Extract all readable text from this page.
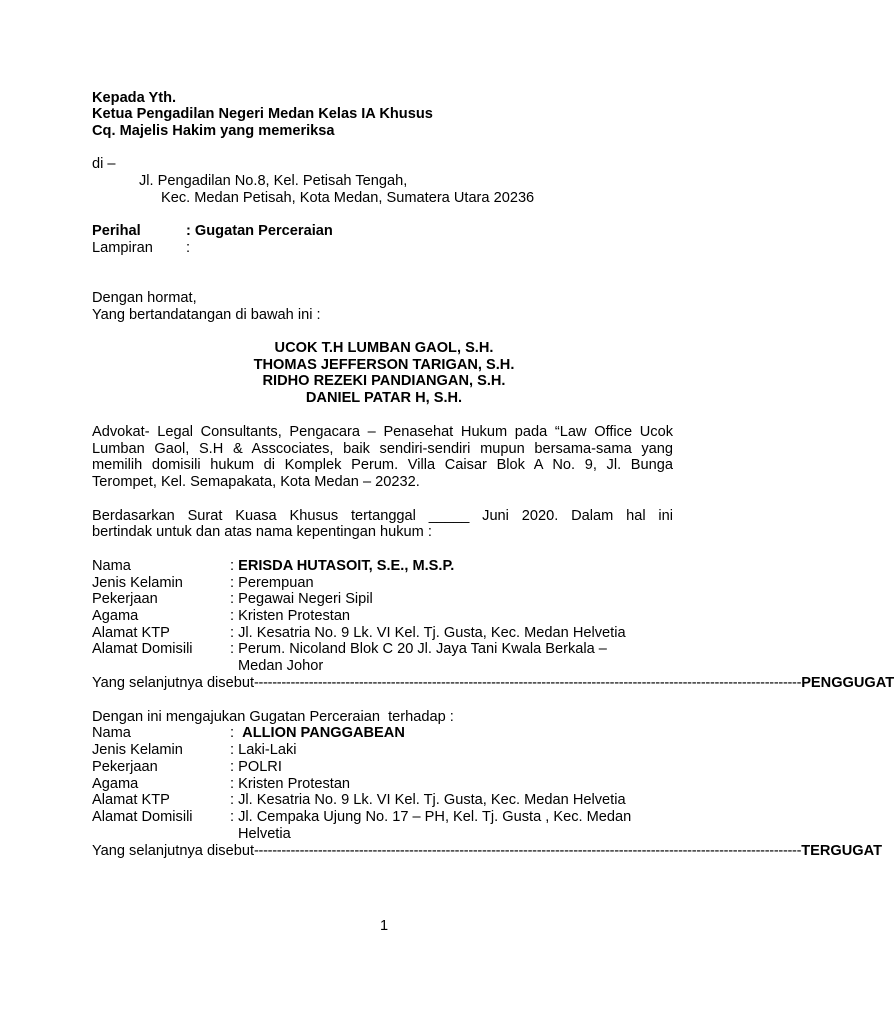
Kepada Yth.
Ketua Pengadilan Negeri Medan Kelas IA Khusus
Cq. Majelis Hakim yang memeriksa
di –
Jl. Pengadilan No.8, Kel. Petisah Tengah,
Kec. Medan Petisah, Kota Medan, Sumatera Utara 20236
Perihal	: Gugatan Perceraian
Lampiran :
Dengan hormat,
Yang bertandatangan di bawah ini :
UCOK T.H LUMBAN GAOL, S.H.
THOMAS JEFFERSON TARIGAN, S.H.
RIDHO REZEKI PANDIANGAN, S.H.
DANIEL PATAR H, S.H.
Advokat- Legal Consultants, Pengacara – Penasehat Hukum pada “Law Office Ucok
Lumban Gaol, S.H & Asscociates, baik sendiri-sendiri mupun bersama-sama yang
memilih domisili hukum di Komplek Perum. Villa Caisar Blok A No. 9, Jl. Bunga
Terompet, Kel. Semapakata, Kota Medan – 20232.
Berdasarkan Surat Kuasa Khusus tertanggal _____ Juni 2020. Dalam hal ini
bertindak untuk dan atas nama kepentingan hukum :
Nama	: ERISDA HUTASOIT, S.E., M.S.P.
Jenis Kelamin	: Perempuan
Pekerjaan	: Pegawai Negeri Sipil
Agama	: Kristen Protestan
Alamat KTP	: Jl. Kesatria No. 9 Lk. VI Kel. Tj. Gusta, Kec. Medan Helvetia
Alamat Domisili	: Perum. Nicoland Blok C 20 Jl. Jaya Tani Kwala Berkala –
Medan Johor
Yang selanjutnya disebut ------------------------------------------------------------------------------------------------------------------------ PENGGUGAT
Dengan ini mengajukan Gugatan Perceraian  terhadap :
Nama	:  ALLION PANGGABEAN
Jenis Kelamin	: Laki-Laki
Pekerjaan	: POLRI
Agama	: Kristen Protestan
Alamat KTP	: Jl. Kesatria No. 9 Lk. VI Kel. Tj. Gusta, Kec. Medan Helvetia
Alamat Domisili	: Jl. Cempaka Ujung No. 17 – PH, Kel. Tj. Gusta , Kec. Medan
Helvetia
Yang selanjutnya disebut ------------------------------------------------------------------------------------------------------------------------ TERGUGAT
1
